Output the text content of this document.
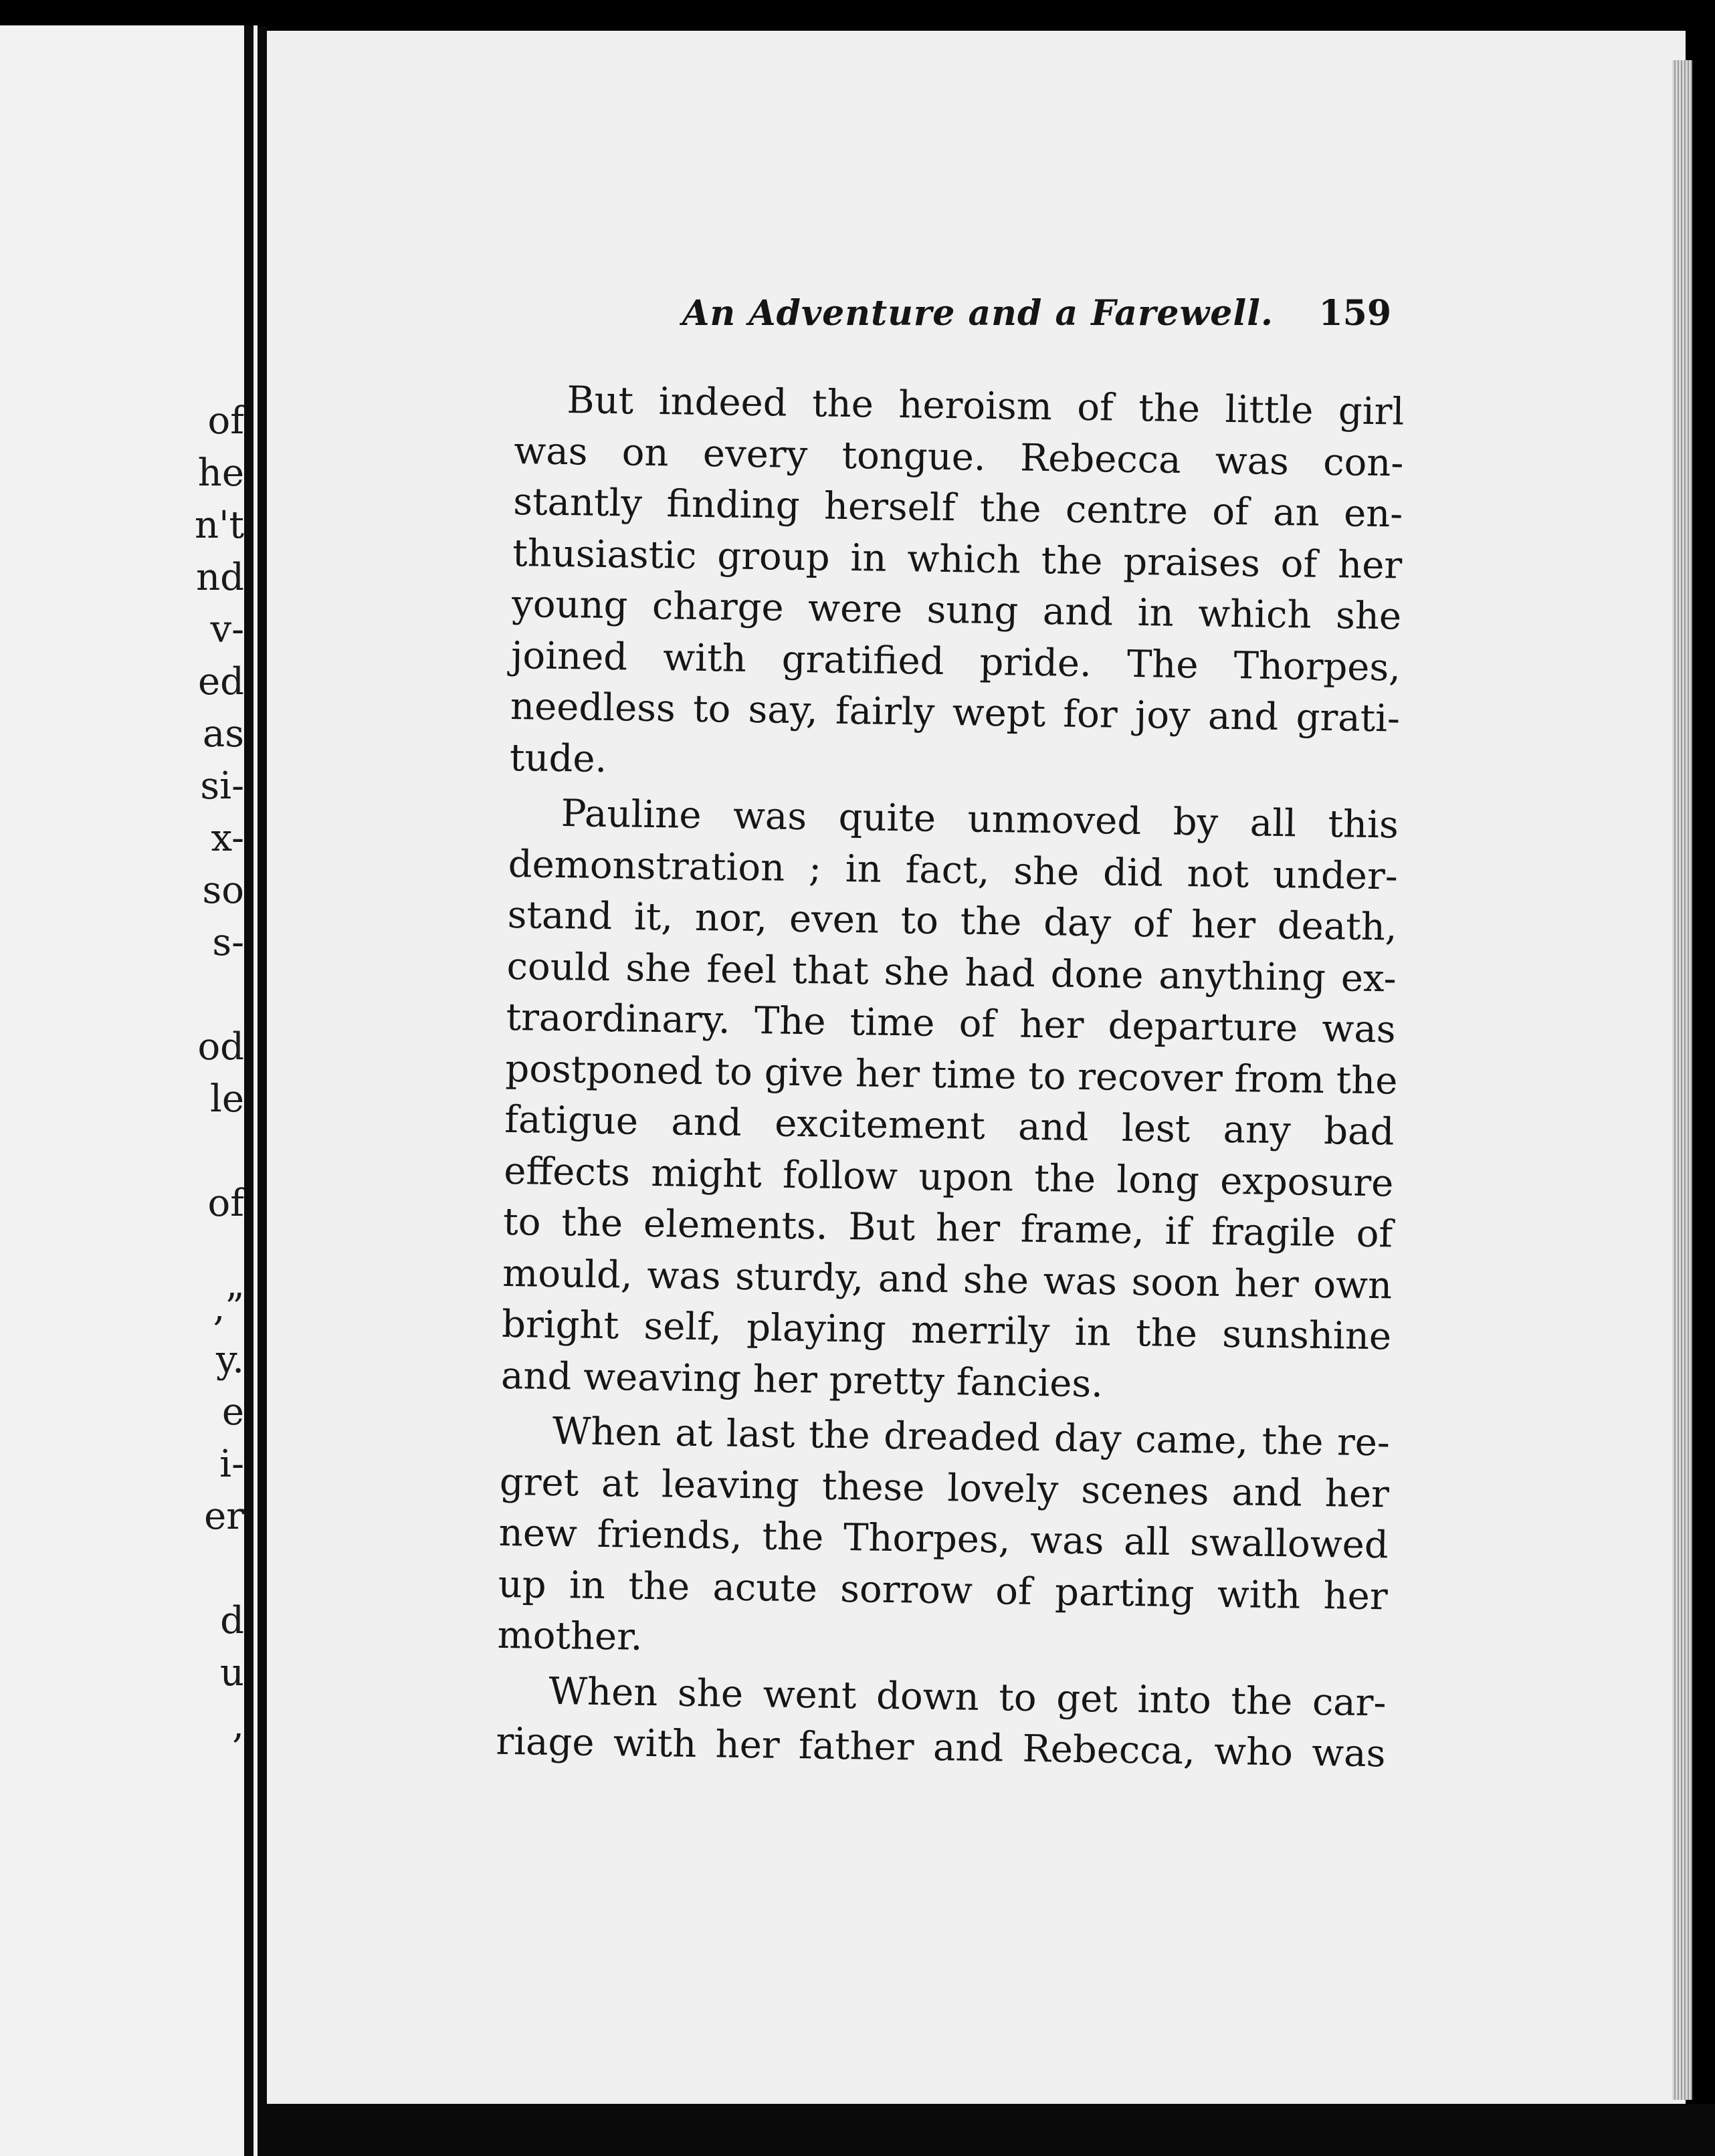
of
he
n't
nd
v-
ed
as
si-
x-
so
s-
od
le
of
,”
y.
e
i-
er
d
u
,
An Adventure and a Farewell. 159
But indeed the heroism of the little girl
was on every tongue. Rebecca was con-
stantly finding herself the centre of an en-
thusiastic group in which the praises of her
young charge were sung and in which she
joined with gratified pride. The Thorpes,
needless to say, fairly wept for joy and grati-
tude.
Pauline was quite unmoved by all this
demonstration ; in fact, she did not under-
stand it, nor, even to the day of her death,
could she feel that she had done anything ex-
traordinary. The time of her departure was
postponed to give her time to recover from the
fatigue and excitement and lest any bad
effects might follow upon the long exposure
to the elements. But her frame, if fragile of
mould, was sturdy, and she was soon her own
bright self, playing merrily in the sunshine
and weaving her pretty fancies.
When at last the dreaded day came, the re-
gret at leaving these lovely scenes and her
new friends, the Thorpes, was all swallowed
up in the acute sorrow of parting with her
mother.
When she went down to get into the car-
riage with her father and Rebecca, who was
